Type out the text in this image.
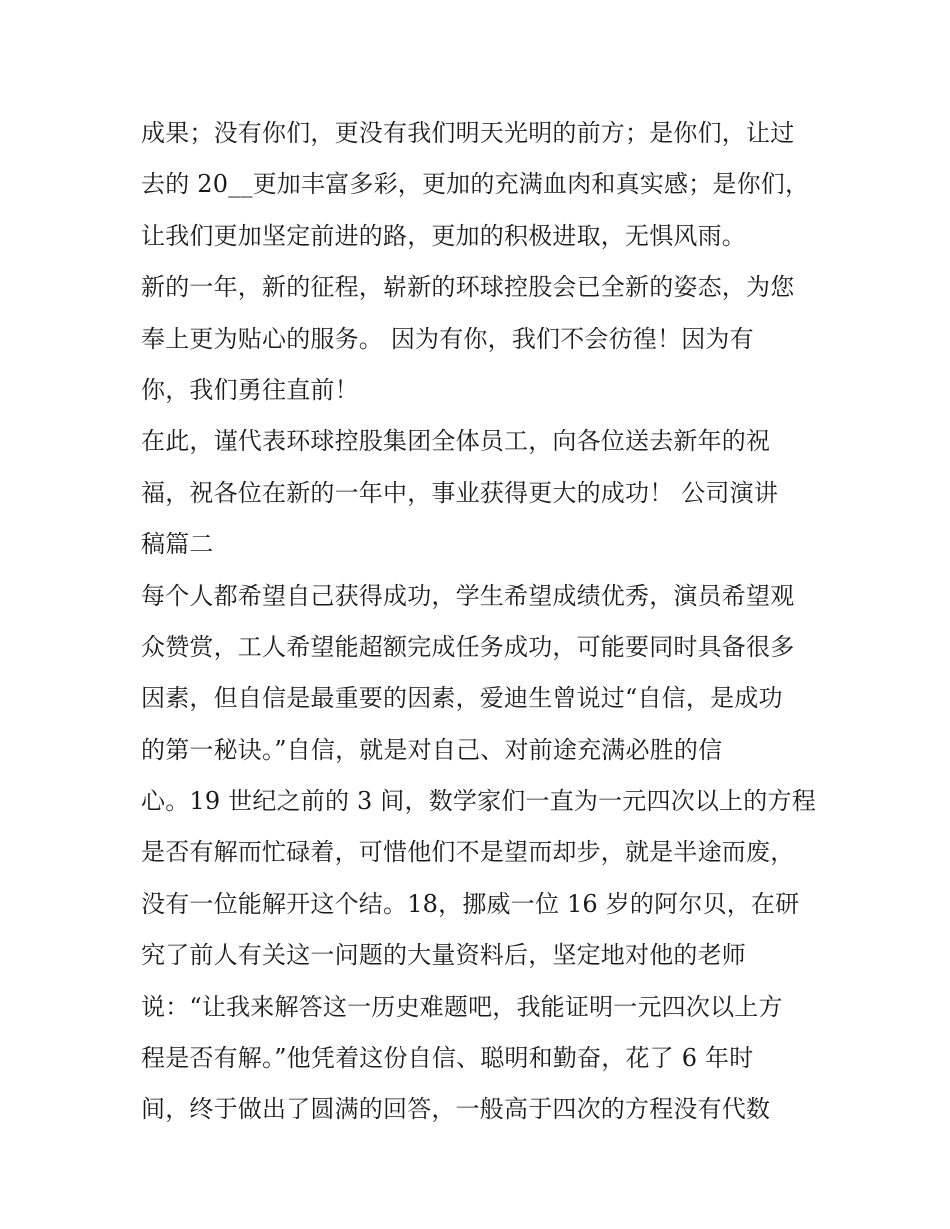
成果；没有你们，更没有我们明天光明的前方；是你们，让过
去的 20__更加丰富多彩，更加的充满血肉和真实感；是你们，
让我们更加坚定前进的路，更加的积极进取，无惧风雨。
新的一年，新的征程，崭新的环球控股会已全新的姿态，为您
奉上更为贴心的服务。 因为有你，我们不会彷徨！因为有
你，我们勇往直前！
在此，谨代表环球控股集团全体员工，向各位送去新年的祝
福，祝各位在新的一年中，事业获得更大的成功！ 公司演讲
稿篇二
每个人都希望自己获得成功，学生希望成绩优秀，演员希望观
众赞赏，工人希望能超额完成任务成功，可能要同时具备很多
因素，但自信是最重要的因素，爱迪生曾说过“自信，是成功
的第一秘诀。”自信，就是对自己、对前途充满必胜的信
心。19 世纪之前的 3 间，数学家们一直为一元四次以上的方程
是否有解而忙碌着，可惜他们不是望而却步，就是半途而废，
没有一位能解开这个结。18，挪威一位 16 岁的阿尔贝，在研
究了前人有关这一问题的大量资料后，坚定地对他的老师
说：“让我来解答这一历史难题吧，我能证明一元四次以上方
程是否有解。”他凭着这份自信、聪明和勤奋，花了 6 年时
间，终于做出了圆满的回答，一般高于四次的方程没有代数
